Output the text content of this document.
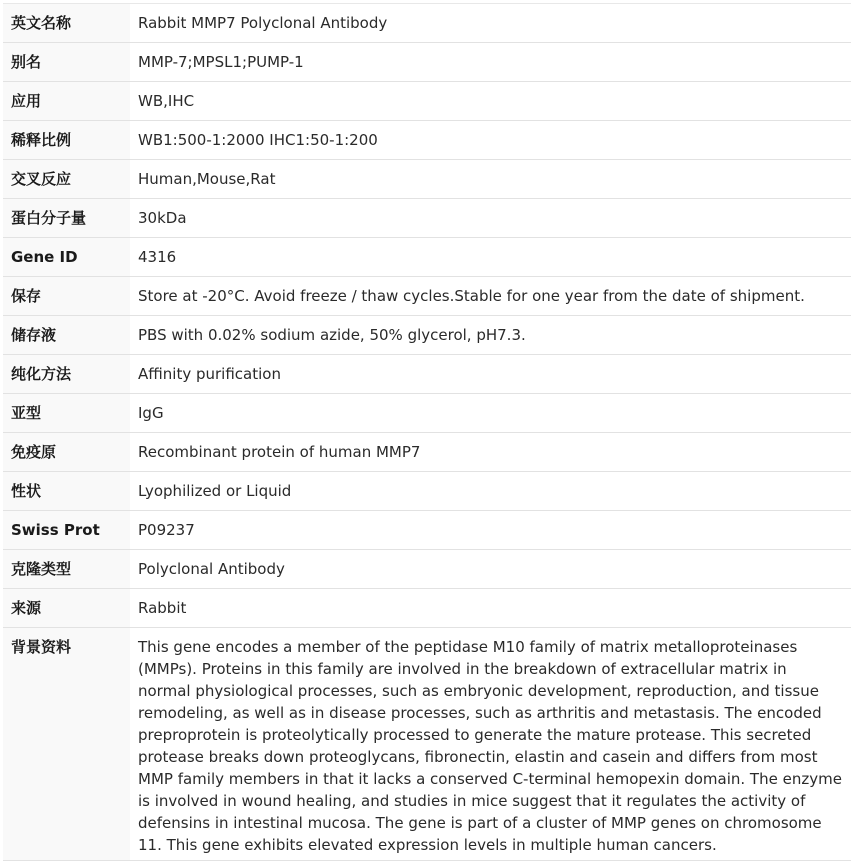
英文名称	Rabbit MMP7 Polyclonal Antibody
别名	MMP-7;MPSL1;PUMP-1
应用	WB,IHC
稀释比例	WB1:500-1:2000 IHC1:50-1:200
交叉反应	Human,Mouse,Rat
蛋白分子量	30kDa
Gene ID	4316
保存	Store at -20°C. Avoid freeze / thaw cycles.Stable for one year from the date of shipment.
储存液	PBS with 0.02% sodium azide, 50% glycerol, pH7.3.
纯化方法	Affinity purification
亚型	IgG
免疫原	Recombinant protein of human MMP7
性状	Lyophilized or Liquid
Swiss Prot	P09237
克隆类型	Polyclonal Antibody
来源	Rabbit
背景资料	This gene encodes a member of the peptidase M10 family of matrix metalloproteinases (MMPs). Proteins in this family are involved in the breakdown of extracellular matrix in normal physiological processes, such as embryonic development, reproduction, and tissue remodeling, as well as in disease processes, such as arthritis and metastasis. The encoded preproprotein is proteolytically processed to generate the mature protease. This secreted protease breaks down proteoglycans, fibronectin, elastin and casein and differs from most MMP family members in that it lacks a conserved C-terminal hemopexin domain. The enzyme is involved in wound healing, and studies in mice suggest that it regulates the activity of defensins in intestinal mucosa. The gene is part of a cluster of MMP genes on chromosome 11. This gene exhibits elevated expression levels in multiple human cancers.
